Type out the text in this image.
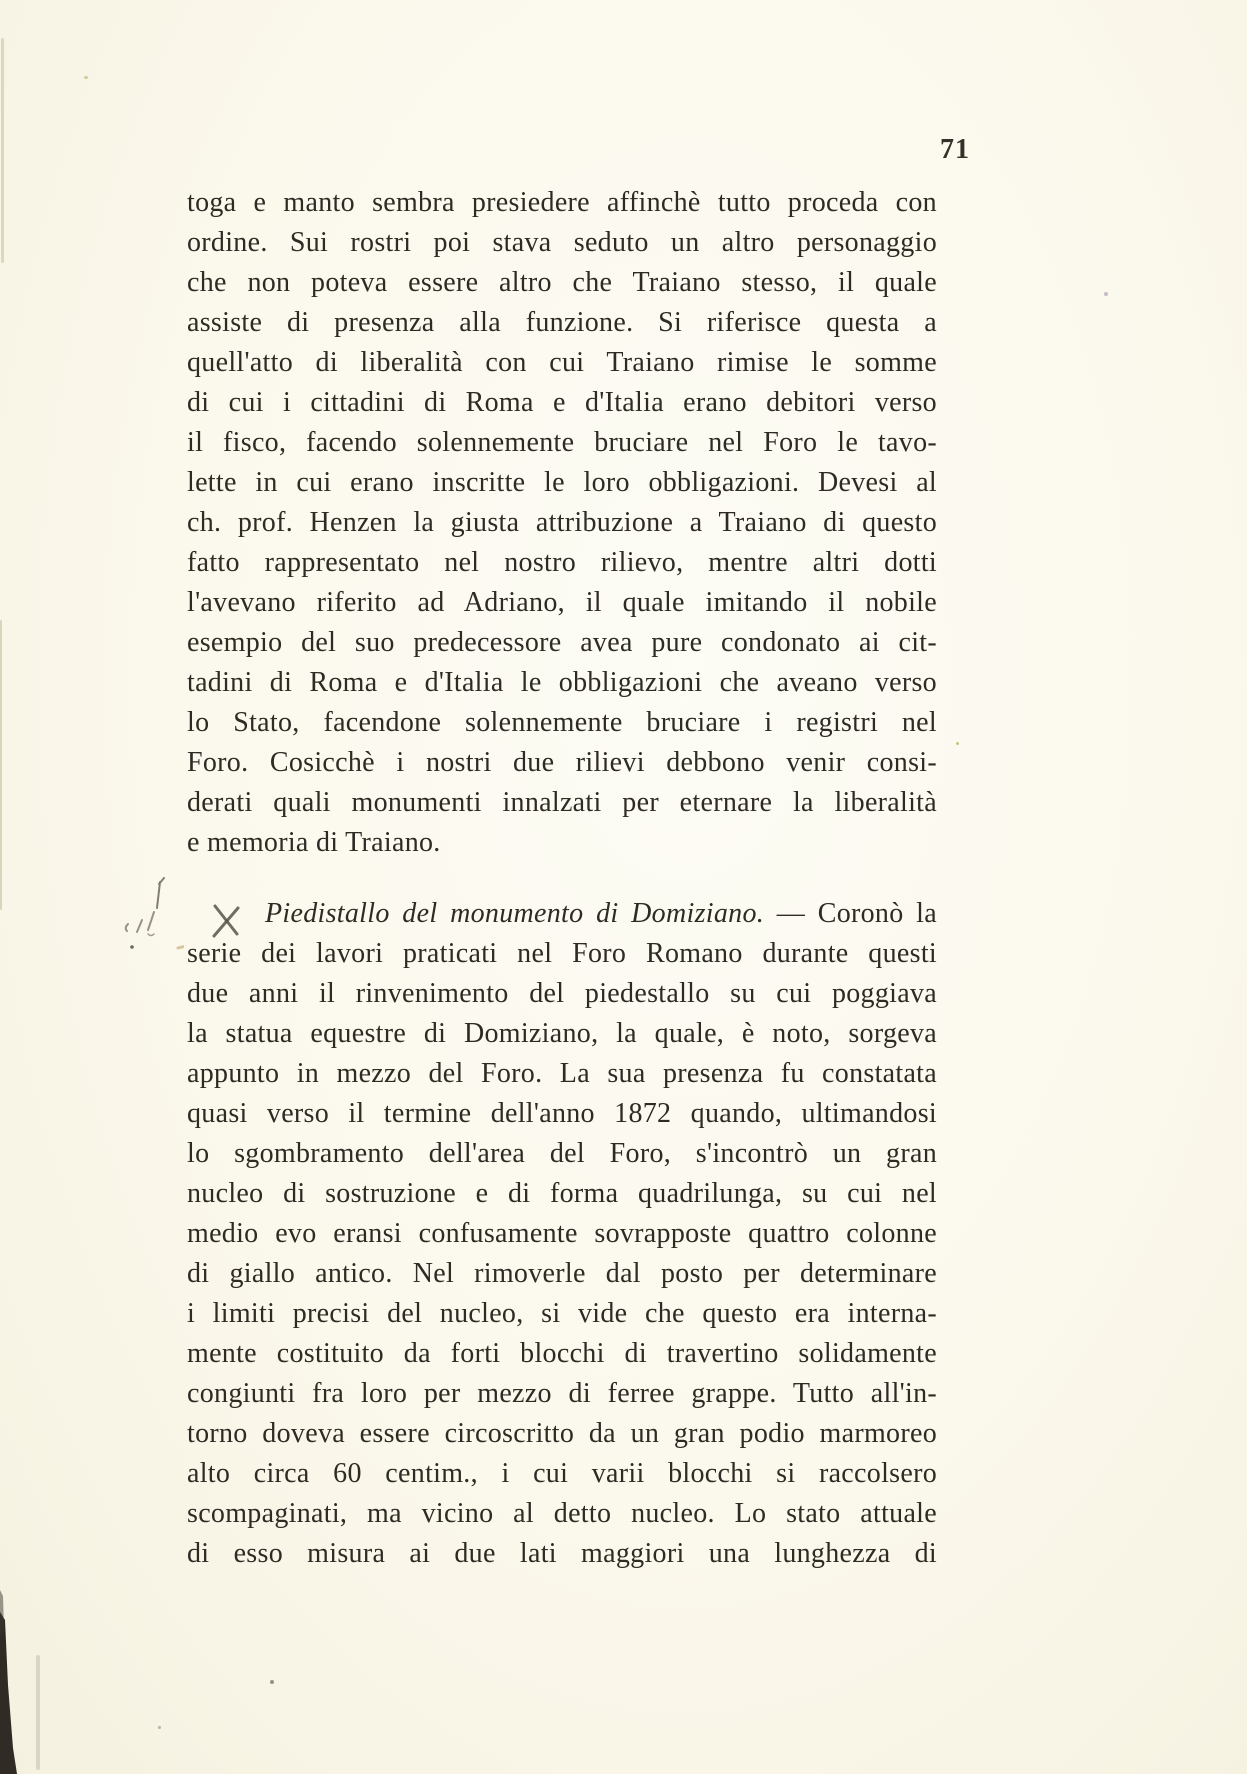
71
toga e manto sembra presiedere affinchè tutto proceda con
ordine. Sui rostri poi stava seduto un altro personaggio
che non poteva essere altro che Traiano stesso, il quale
assiste di presenza alla funzione. Si riferisce questa a
quell'atto di liberalità con cui Traiano rimise le somme
di cui i cittadini di Roma e d'Italia erano debitori verso
il fisco, facendo solennemente bruciare nel Foro le tavo-
lette in cui erano inscritte le loro obbligazioni. Devesi al
ch. prof. Henzen la giusta attribuzione a Traiano di questo
fatto rappresentato nel nostro rilievo, mentre altri dotti
l'avevano riferito ad Adriano, il quale imitando il nobile
esempio del suo predecessore avea pure condonato ai cit-
tadini di Roma e d'Italia le obbligazioni che aveano verso
lo Stato, facendone solennemente bruciare i registri nel
Foro. Cosicchè i nostri due rilievi debbono venir consi-
derati quali monumenti innalzati per eternare la liberalità
e memoria di Traiano.
Piedistallo del monumento di Domiziano. — Coronò la
serie dei lavori praticati nel Foro Romano durante questi
due anni il rinvenimento del piedestallo su cui poggiava
la statua equestre di Domiziano, la quale, è noto, sorgeva
appunto in mezzo del Foro. La sua presenza fu constatata
quasi verso il termine dell'anno 1872 quando, ultimandosi
lo sgombramento dell'area del Foro, s'incontrò un gran
nucleo di sostruzione e di forma quadrilunga, su cui nel
medio evo eransi confusamente sovrapposte quattro colonne
di giallo antico. Nel rimoverle dal posto per determinare
i limiti precisi del nucleo, si vide che questo era interna-
mente costituito da forti blocchi di travertino solidamente
congiunti fra loro per mezzo di ferree grappe. Tutto all'in-
torno doveva essere circoscritto da un gran podio marmoreo
alto circa 60 centim., i cui varii blocchi si raccolsero
scompaginati, ma vicino al detto nucleo. Lo stato attuale
di esso misura ai due lati maggiori una lunghezza di
